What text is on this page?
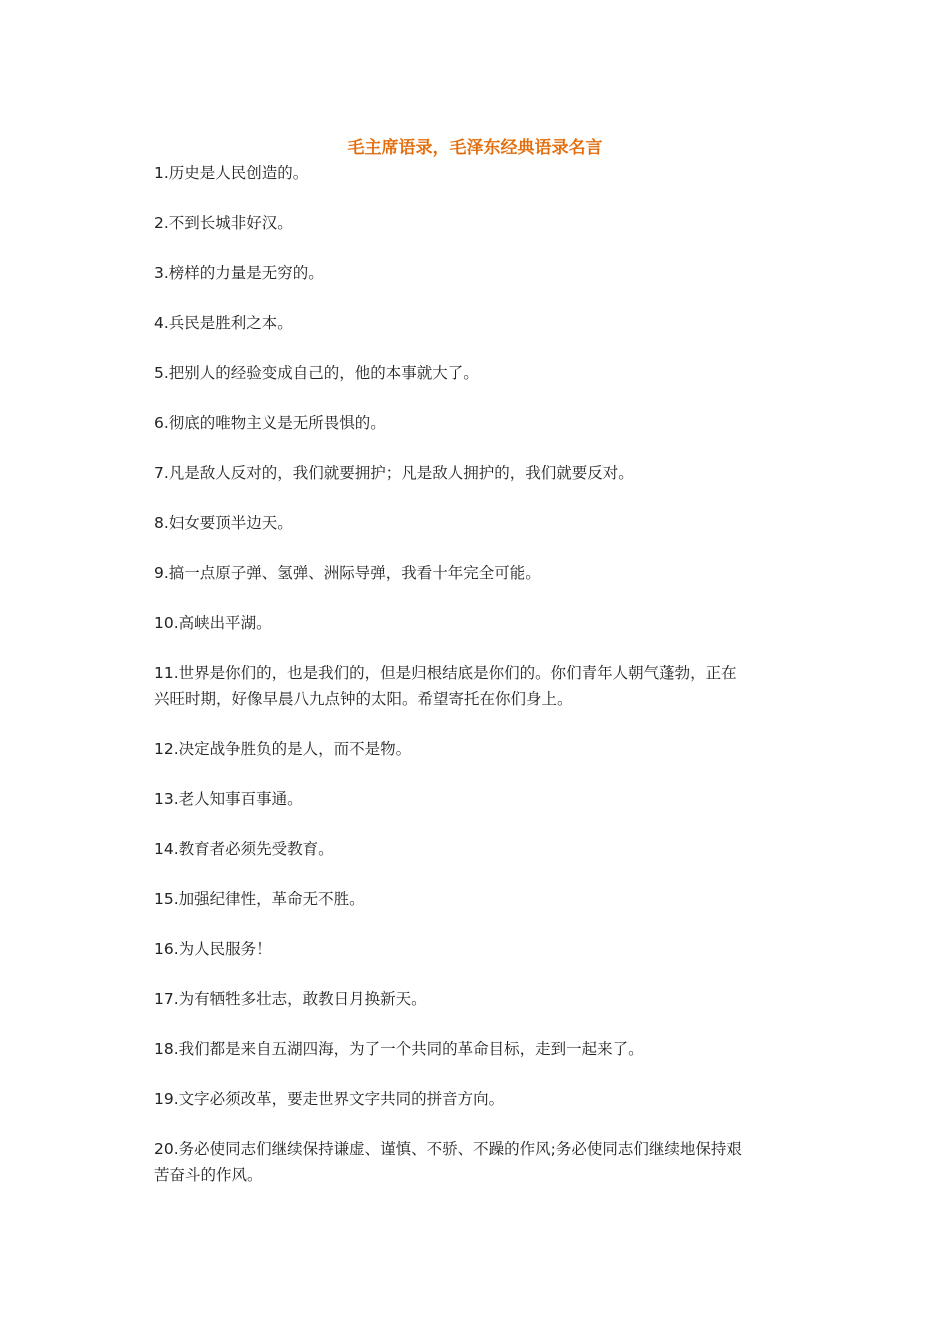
毛主席语录，毛泽东经典语录名言
1.历史是人民创造的。
2.不到长城非好汉。
3.榜样的力量是无穷的。
4.兵民是胜利之本。
5.把别人的经验变成自己的，他的本事就大了。
6.彻底的唯物主义是无所畏惧的。
7.凡是敌人反对的，我们就要拥护；凡是敌人拥护的，我们就要反对。
8.妇女要顶半边天。
9.搞一点原子弹、氢弹、洲际导弹，我看十年完全可能。
10.高峡出平湖。
11.世界是你们的，也是我们的，但是归根结底是你们的。你们青年人朝气蓬勃，正在
兴旺时期，好像早晨八九点钟的太阳。希望寄托在你们身上。
12.决定战争胜负的是人，而不是物。
13.老人知事百事通。
14.教育者必须先受教育。
15.加强纪律性，革命无不胜。
16.为人民服务！
17.为有牺牲多壮志，敢教日月换新天。
18.我们都是来自五湖四海，为了一个共同的革命目标，走到一起来了。
19.文字必须改革，要走世界文字共同的拼音方向。
20.务必使同志们继续保持谦虚、谨慎、不骄、不躁的作风;务必使同志们继续地保持艰
苦奋斗的作风。
